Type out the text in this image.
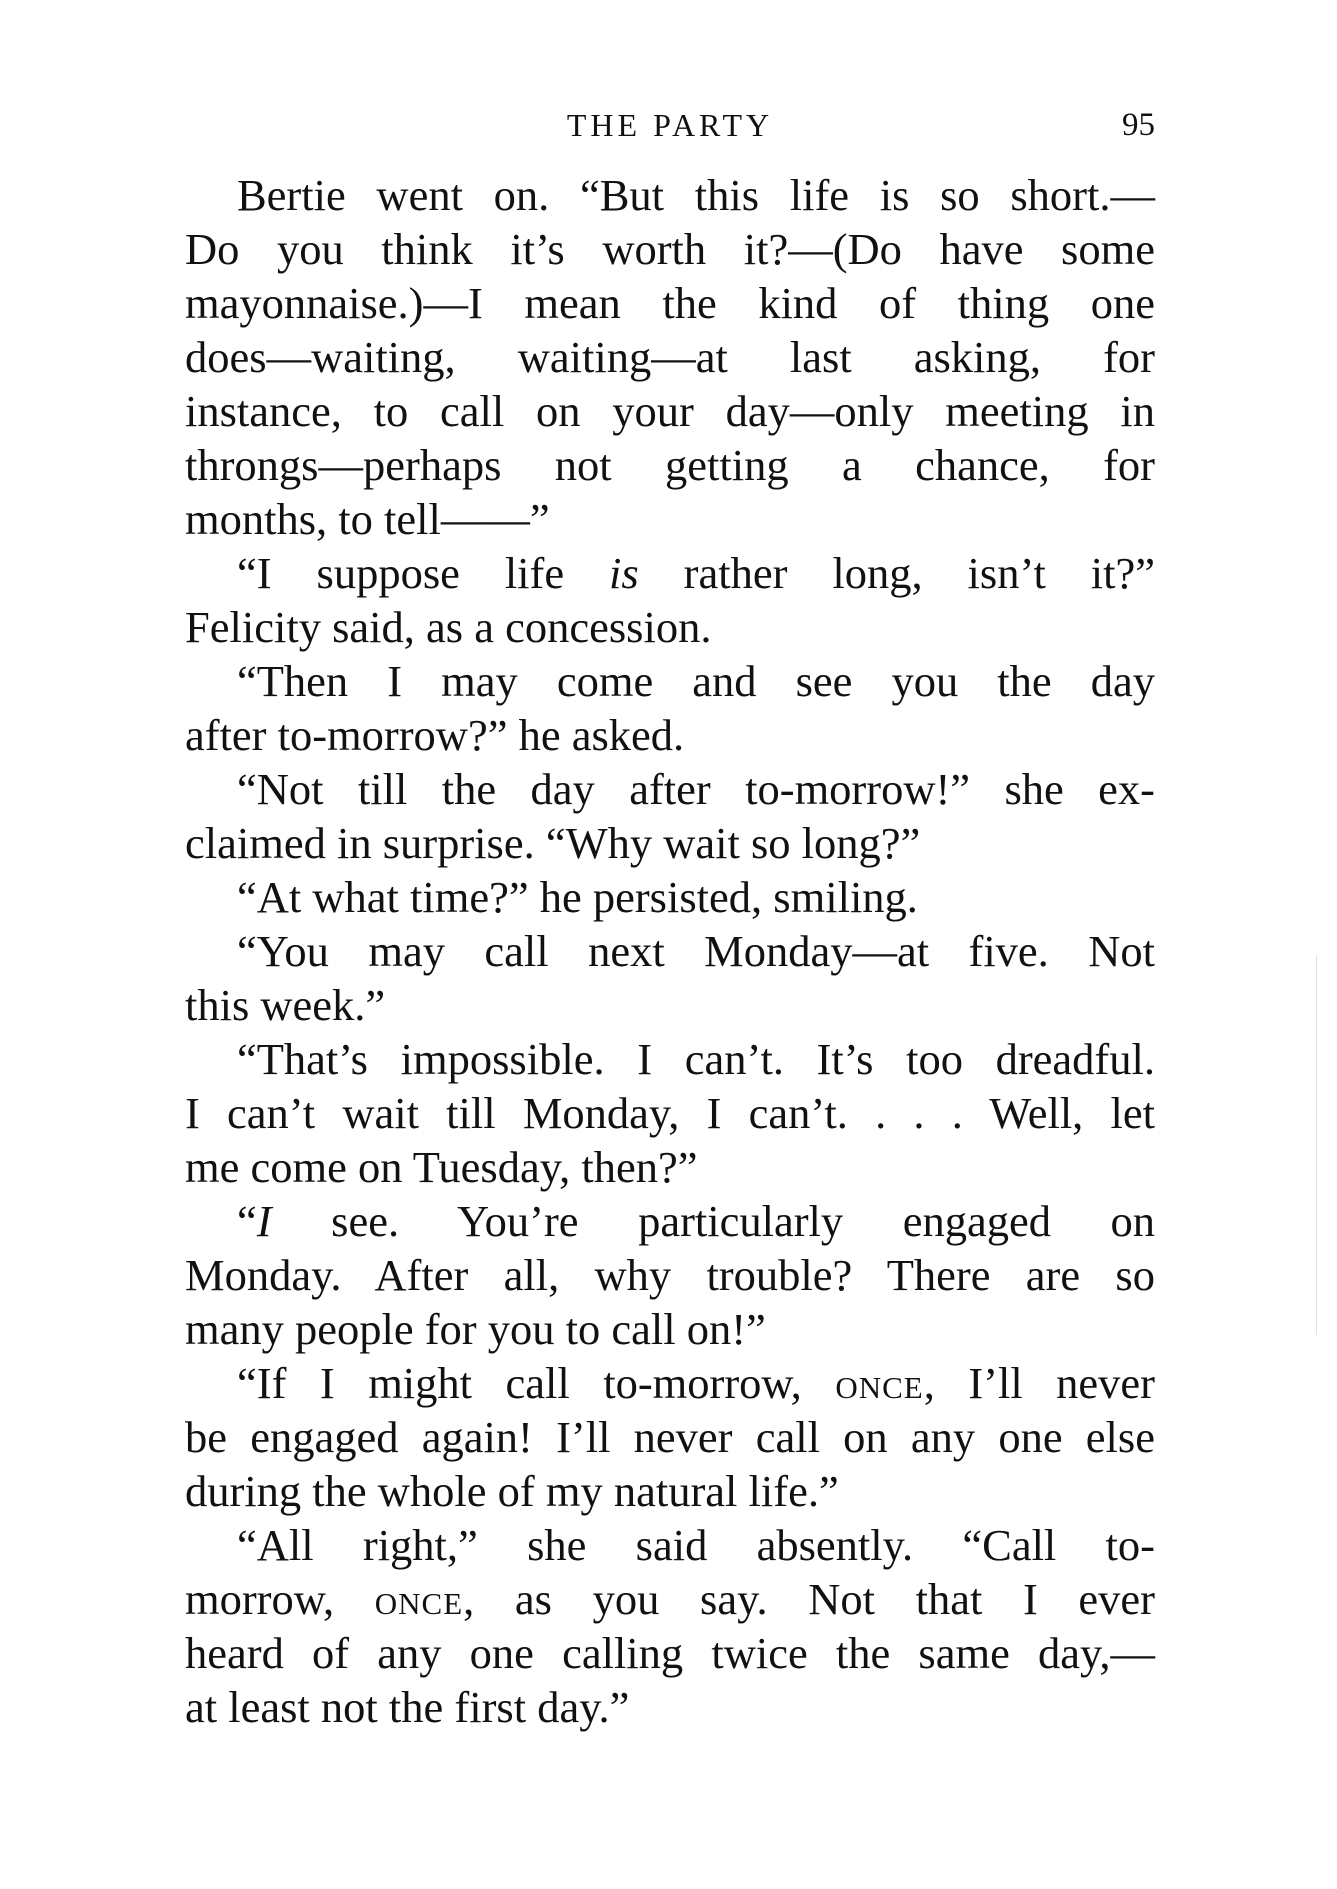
THE PARTY	95

Bertie went on. “But this life is so short.—
Do you think it’s worth it?—(Do have some
mayonnaise.)—I mean the kind of thing one
does—waiting, waiting—at last asking, for
instance, to call on your day—only meeting in
throngs—perhaps not getting a chance, for
months, to tell——”

“I suppose life is rather long, isn’t it?”
Felicity said, as a concession.

“Then I may come and see you the day
after to-morrow?” he asked.

“Not till the day after to-morrow!” she ex-
claimed in surprise. “Why wait so long?”

“At what time?” he persisted, smiling.

“You may call next Monday—at five. Not
this week.”

“That’s impossible. I can’t. It’s too dreadful.
I can’t wait till Monday, I can’t. . . . Well, let
me come on Tuesday, then?”

“I see. You’re particularly engaged on
Monday. After all, why trouble? There are so
many people for you to call on!”

“If I might call to-morrow, once, I’ll never
be engaged again! I’ll never call on any one else
during the whole of my natural life.”

“All right,” she said absently. “Call to-
morrow, once, as you say. Not that I ever
heard of any one calling twice the same day,—
at least not the first day.”
